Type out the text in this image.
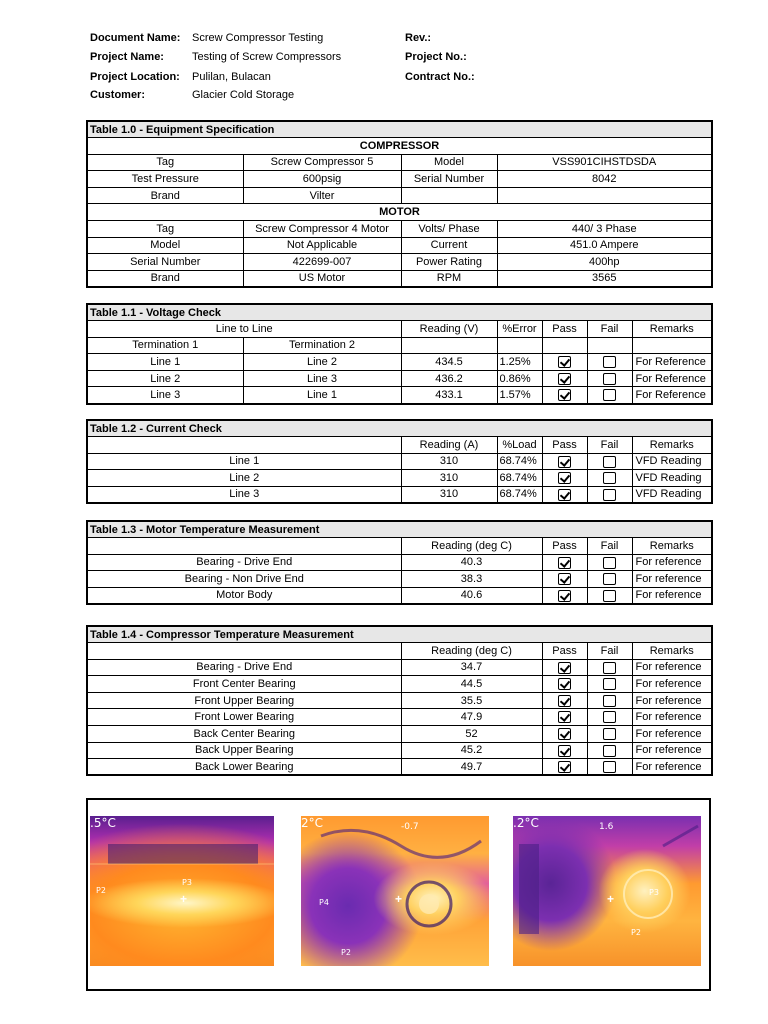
Document Name: Screw Compressor Testing
Project Name:	Testing of Screw Compressors
Project Location: Pulilan, Bulacan
Customer:	Glacier Cold Storage
Rev.:
Project No.:
Contract No.:
Table 1.0 - Equipment Specification			
COMPRESSOR			
Tag	Screw Compressor 5	Model	VSS901CIHSTDSDA
Test Pressure	600psig	Serial Number	8042
Brand	Vilter		
MOTOR			
Tag	Screw Compressor 4 Motor	Volts/ Phase	440/ 3 Phase
Model	Not Applicable	Current	451.0 Ampere
Serial Number	422699-007	Power Rating	400hp
Brand	US Motor	RPM	3565
Table 1.1 - Voltage Check						
Line to Line		Reading (V)	%Error	Pass	Fail	Remarks
Termination 1	Termination 2					
Line 1	Line 2	434.5	1.25%			For Reference
Line 2	Line 3	436.2	0.86%			For Reference
Line 3	Line 1	433.1	1.57%			For Reference
Table 1.2 - Current Check					
	Reading (A)	%Load	Pass	Fail	Remarks
Line 1	310	68.74%			VFD Reading
Line 2	310	68.74%			VFD Reading
Line 3	310	68.74%			VFD Reading
Table 1.3 - Motor Temperature Measurement				
	Reading (deg C)	Pass	Fail	Remarks
Bearing - Drive End	40.3			For reference
Bearing - Non Drive End	38.3			For reference
Motor Body	40.6			For reference
Table 1.4 - Compressor Temperature Measurement				
	Reading (deg C)	Pass	Fail	Remarks
Bearing - Drive End	34.7			For reference
Front Center Bearing	44.5			For reference
Front Upper Bearing	35.5			For reference
Front Lower Bearing	47.9			For reference
Back Center Bearing	52			For reference
Back Upper Bearing	45.2			For reference
Back Lower Bearing	49.7			For reference
.5°C
P2
P3
+
2°C	-0.7
P4
P2
+
.2°C	1.6
P3
P2
+
